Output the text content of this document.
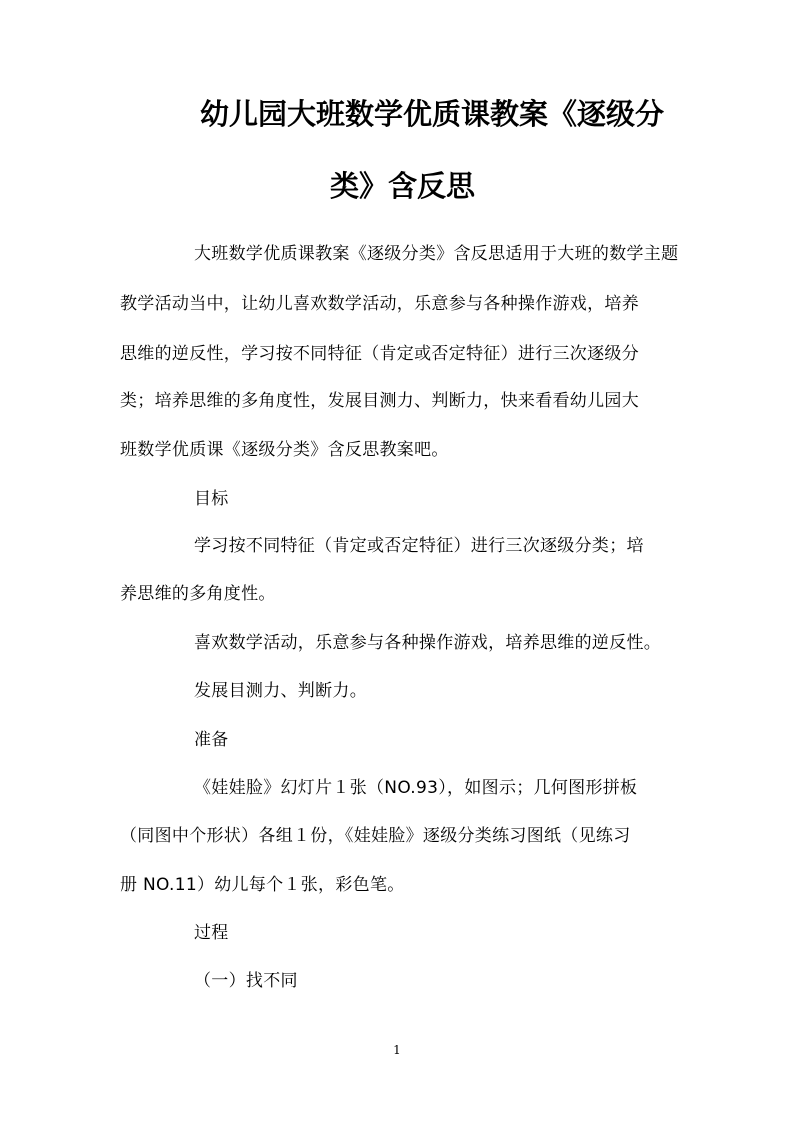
幼儿园大班数学优质课教案《逐级分
类》含反思
大班数学优质课教案《逐级分类》含反思适用于大班的数学主题
教学活动当中，让幼儿喜欢数学活动，乐意参与各种操作游戏，培养
思维的逆反性，学习按不同特征（肯定或否定特征）进行三次逐级分
类；培养思维的多角度性，发展目测力、判断力，快来看看幼儿园大
班数学优质课《逐级分类》含反思教案吧。
目标
学习按不同特征（肯定或否定特征）进行三次逐级分类；培
养思维的多角度性。
喜欢数学活动，乐意参与各种操作游戏，培养思维的逆反性。
发展目测力、判断力。
准备
《娃娃脸》幻灯片１张（NO.93），如图示；几何图形拼板
（同图中个形状）各组１份，《娃娃脸》逐级分类练习图纸（见练习
册 NO.11）幼儿每个１张，彩色笔。
过程
（一）找不同
1
